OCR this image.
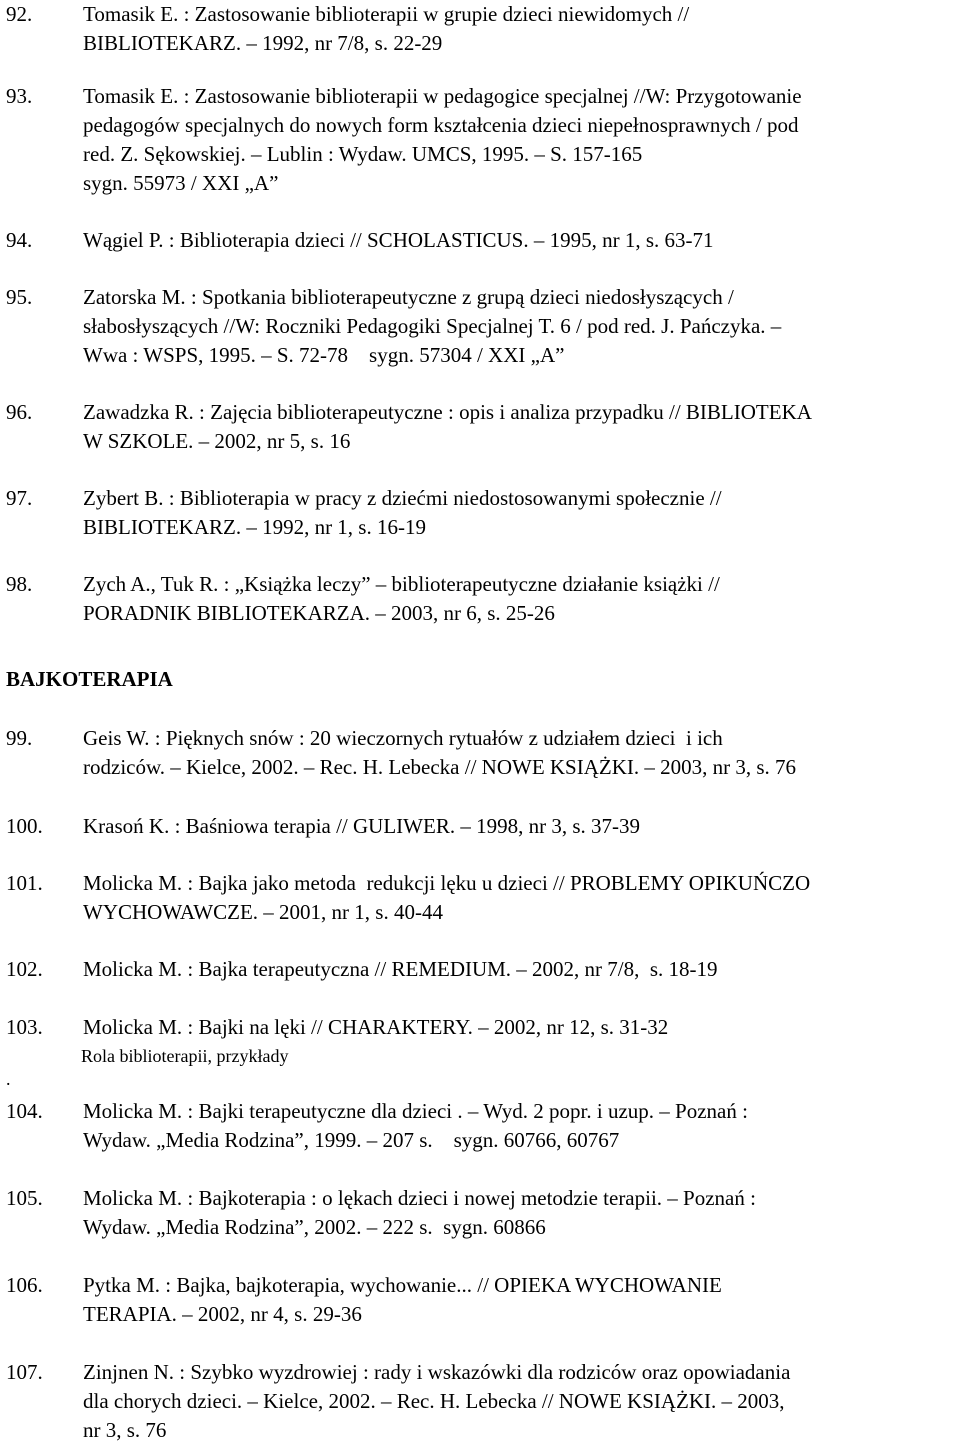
92. Tomasik E. : Zastosowanie biblioterapii w grupie dzieci niewidomych //
BIBLIOTEKARZ. – 1992, nr 7/8, s. 22-29
93. Tomasik E. : Zastosowanie biblioterapii w pedagogice specjalnej //W: Przygotowanie
pedagogów specjalnych do nowych form kształcenia dzieci niepełnosprawnych / pod
red. Z. Sękowskiej. – Lublin : Wydaw. UMCS, 1995. – S. 157-165
sygn. 55973 / XXI „A”
94. Wągiel P. : Biblioterapia dzieci // SCHOLASTICUS. – 1995, nr 1, s. 63-71
95. Zatorska M. : Spotkania biblioterapeutyczne z grupą dzieci niedosłyszących /
słabosłyszących //W: Roczniki Pedagogiki Specjalnej T. 6 / pod red. J. Pańczyka. –
Wwa : WSPS, 1995. – S. 72-78    sygn. 57304 / XXI „A”
96. Zawadzka R. : Zajęcia biblioterapeutyczne : opis i analiza przypadku // BIBLIOTEKA
W SZKOLE. – 2002, nr 5, s. 16
97. Zybert B. : Biblioterapia w pracy z dziećmi niedostosowanymi społecznie //
BIBLIOTEKARZ. – 1992, nr 1, s. 16-19
98. Zych A., Tuk R. : „Książka leczy” – biblioterapeutyczne działanie książki //
PORADNIK BIBLIOTEKARZA. – 2003, nr 6, s. 25-26
BAJKOTERAPIA
99. Geis W. : Pięknych snów : 20 wieczornych rytuałów z udziałem dzieci  i ich
rodziców. – Kielce, 2002. – Rec. H. Lebecka // NOWE KSIĄŻKI. – 2003, nr 3, s. 76
100. Krasoń K. : Baśniowa terapia // GULIWER. – 1998, nr 3, s. 37-39
101. Molicka M. : Bajka jako metoda  redukcji lęku u dzieci // PROBLEMY OPIKUŃCZO
WYCHOWAWCZE. – 2001, nr 1, s. 40-44
102. Molicka M. : Bajka terapeutyczna // REMEDIUM. – 2002, nr 7/8,  s. 18-19
103. Molicka M. : Bajki na lęki // CHARAKTERY. – 2002, nr 12, s. 31-32
Rola biblioterapii, przykłady
.
104. Molicka M. : Bajki terapeutyczne dla dzieci . – Wyd. 2 popr. i uzup. – Poznań :
Wydaw. „Media Rodzina”, 1999. – 207 s.    sygn. 60766, 60767
105. Molicka M. : Bajkoterapia : o lękach dzieci i nowej metodzie terapii. – Poznań :
Wydaw. „Media Rodzina”, 2002. – 222 s.  sygn. 60866
106. Pytka M. : Bajka, bajkoterapia, wychowanie... // OPIEKA WYCHOWANIE
TERAPIA. – 2002, nr 4, s. 29-36
107. Zinjnen N. : Szybko wyzdrowiej : rady i wskazówki dla rodziców oraz opowiadania
dla chorych dzieci. – Kielce, 2002. – Rec. H. Lebecka // NOWE KSIĄŻKI. – 2003,
nr 3, s. 76
